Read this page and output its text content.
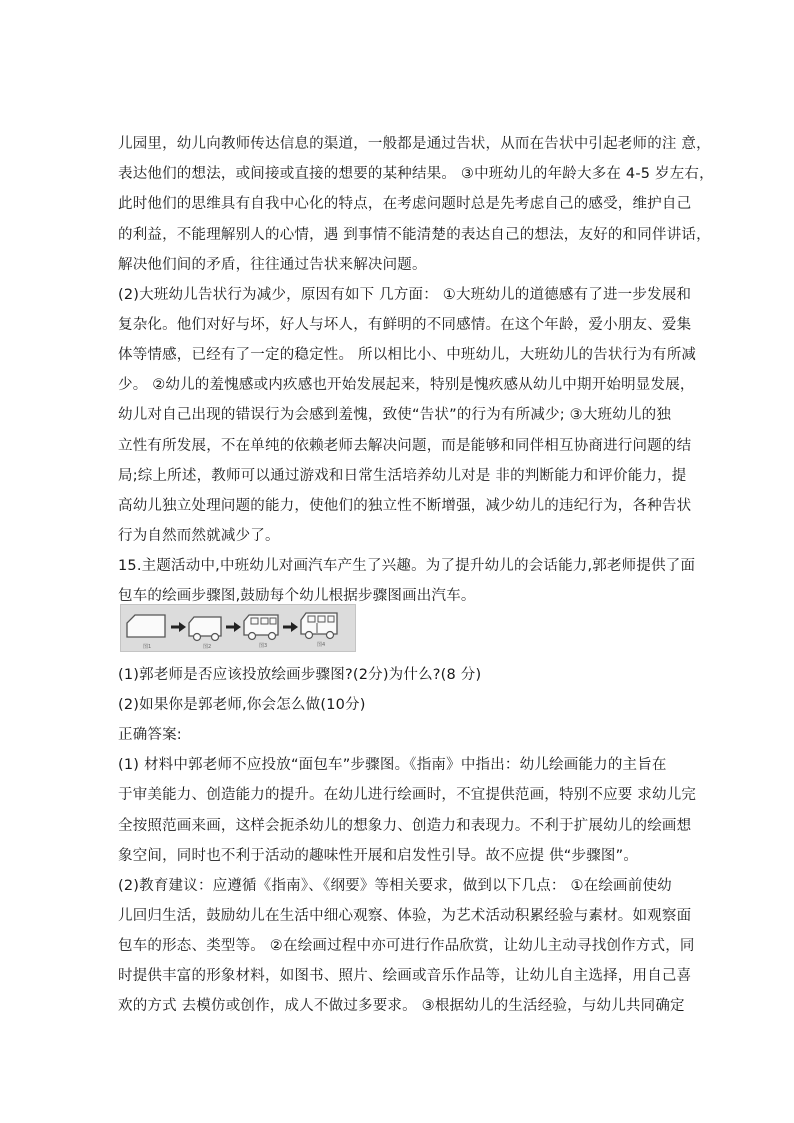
儿园里，幼儿向教师传达信息的渠道，一般都是通过告状，从而在告状中引起老师的注 意，
表达他们的想法，或间接或直接的想要的某种结果。 ③中班幼儿的年龄大多在 4-5 岁左右，
此时他们的思维具有自我中心化的特点，在考虑问题时总是先考虑自己的感受，维护自己
的利益，不能理解别人的心情，遇 到事情不能清楚的表达自己的想法，友好的和同伴讲话，
解决他们间的矛盾，往往通过告状来解决问题。
(2)大班幼儿告状行为减少，原因有如下 几方面： ①大班幼儿的道德感有了进一步发展和
复杂化。他们对好与坏，好人与坏人，有鲜明的不同感情。在这个年龄，爱小朋友、爱集
体等情感，已经有了一定的稳定性。 所以相比小、中班幼儿，大班幼儿的告状行为有所减
少。 ②幼儿的羞愧感或内疚感也开始发展起来，特别是愧疚感从幼儿中期开始明显发展，
幼儿对自己出现的错误行为会感到羞愧，致使“告状”的行为有所减少; ③大班幼儿的独
立性有所发展，不在单纯的依赖老师去解决问题，而是能够和同伴相互协商进行问题的结
局;综上所述，教师可以通过游戏和日常生活培养幼儿对是 非的判断能力和评价能力，提
高幼儿独立处理问题的能力，使他们的独立性不断增强，减少幼儿的违纪行为，各种告状
行为自然而然就减少了。
15.主题活动中,中班幼儿对画汽车产生了兴趣。为了提升幼儿的会话能力,郭老师提供了面
包车的绘画步骤图,鼓励每个幼儿根据步骤图画出汽车。
图1	图2	图3	图4
(1)郭老师是否应该投放绘画步骤图?(2分)为什么?(8 分)
(2)如果你是郭老师,你会怎么做(10分)
正确答案:
(1) 材料中郭老师不应投放“面包车”步骤图。《指南》中指出：幼儿绘画能力的主旨在
于审美能力、创造能力的提升。在幼儿进行绘画时，不宜提供范画，特别不应要 求幼儿完
全按照范画来画，这样会扼杀幼儿的想象力、创造力和表现力。不利于扩展幼儿的绘画想
象空间，同时也不利于活动的趣味性开展和启发性引导。故不应提 供“步骤图”。
(2)教育建议：应遵循《指南》、《纲要》等相关要求，做到以下几点： ①在绘画前使幼
儿回归生活，鼓励幼儿在生活中细心观察、体验，为艺术活动积累经验与素材。如观察面
包车的形态、类型等。 ②在绘画过程中亦可进行作品欣赏，让幼儿主动寻找创作方式，同
时提供丰富的形象材料，如图书、照片、绘画或音乐作品等，让幼儿自主选择，用自己喜
欢的方式 去模仿或创作，成人不做过多要求。 ③根据幼儿的生活经验，与幼儿共同确定
